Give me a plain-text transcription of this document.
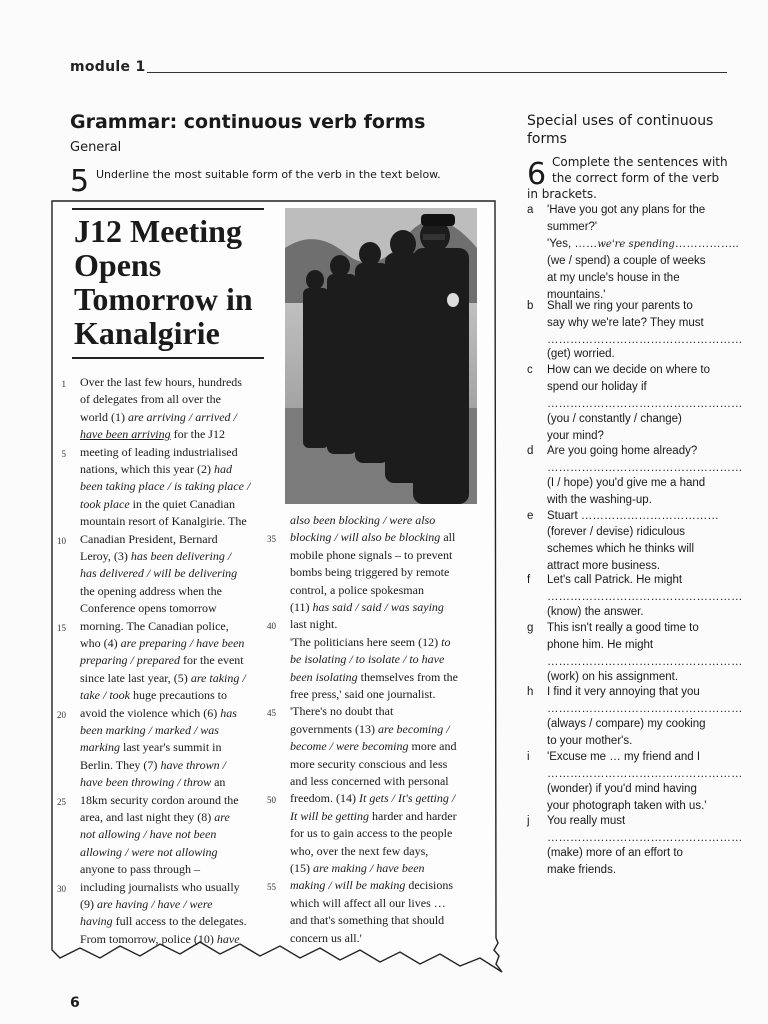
module 1
Grammar: continuous verb forms
General
5 Underline the most suitable form of the verb in the text below.
J12 Meeting
Opens
Tomorrow in
Kanalgirie
1 Over the last few hours, hundreds
of delegates from all over the
world (1) are arriving / arrived /
have been arriving for the J12
5 meeting of leading industrialised
nations, which this year (2) had
been taking place / is taking place /
took place in the quiet Canadian
mountain resort of Kanalgirie. The
10 Canadian President, Bernard
Leroy, (3) has been delivering /
has delivered / will be delivering
the opening address when the
Conference opens tomorrow
15 morning. The Canadian police,
who (4) are preparing / have been
preparing / prepared for the event
since late last year, (5) are taking /
take / took huge precautions to
20 avoid the violence which (6) has
been marking / marked / was
marking last year's summit in
Berlin. They (7) have thrown /
have been throwing / throw an
25 18km security cordon around the
area, and last night they (8) are
not allowing / have not been
allowing / were not allowing
anyone to pass through –
30 including journalists who usually
(9) are having / have / were
having full access to the delegates.
From tomorrow, police (10) have
also been blocking / were also
35 blocking / will also be blocking all
mobile phone signals – to prevent
bombs being triggered by remote
control, a police spokesman
(11) has said / said / was saying
40 last night.
'The politicians here seem (12) to
be isolating / to isolate / to have
been isolating themselves from the
free press,' said one journalist.
45 'There's no doubt that
governments (13) are becoming /
become / were becoming more and
more security conscious and less
and less concerned with personal
50 freedom. (14) It gets / It's getting /
It will be getting harder and harder
for us to gain access to the people
who, over the next few days,
(15) are making / have been
55 making / will be making decisions
which will affect all our lives …
and that's something that should
concern us all.'
Special uses of continuous forms
6 Complete the sentences with
the correct form of the verb
in brackets.
a 'Have you got any plans for the
summer?'
'Yes, ……we're spending……………..
(we / spend) a couple of weeks
at my uncle's house in the
mountains.'
b Shall we ring your parents to
say why we're late? They must
……………………………………………
(get) worried.
c How can we decide on where to
spend our holiday if
……………………………………………
(you / constantly / change)
your mind?
d Are you going home already?
……………………………………………
(I / hope) you'd give me a hand
with the washing-up.
e Stuart ………………………………
(forever / devise) ridiculous
schemes which he thinks will
attract more business.
f Let's call Patrick. He might
……………………………………………
(know) the answer.
g This isn't really a good time to
phone him. He might
……………………………………………
(work) on his assignment.
h I find it very annoying that you
……………………………………………
(always / compare) my cooking
to your mother's.
i 'Excuse me … my friend and I
……………………………………………
(wonder) if you'd mind having
your photograph taken with us.'
j You really must
……………………………………………
(make) more of an effort to
make friends.
6
